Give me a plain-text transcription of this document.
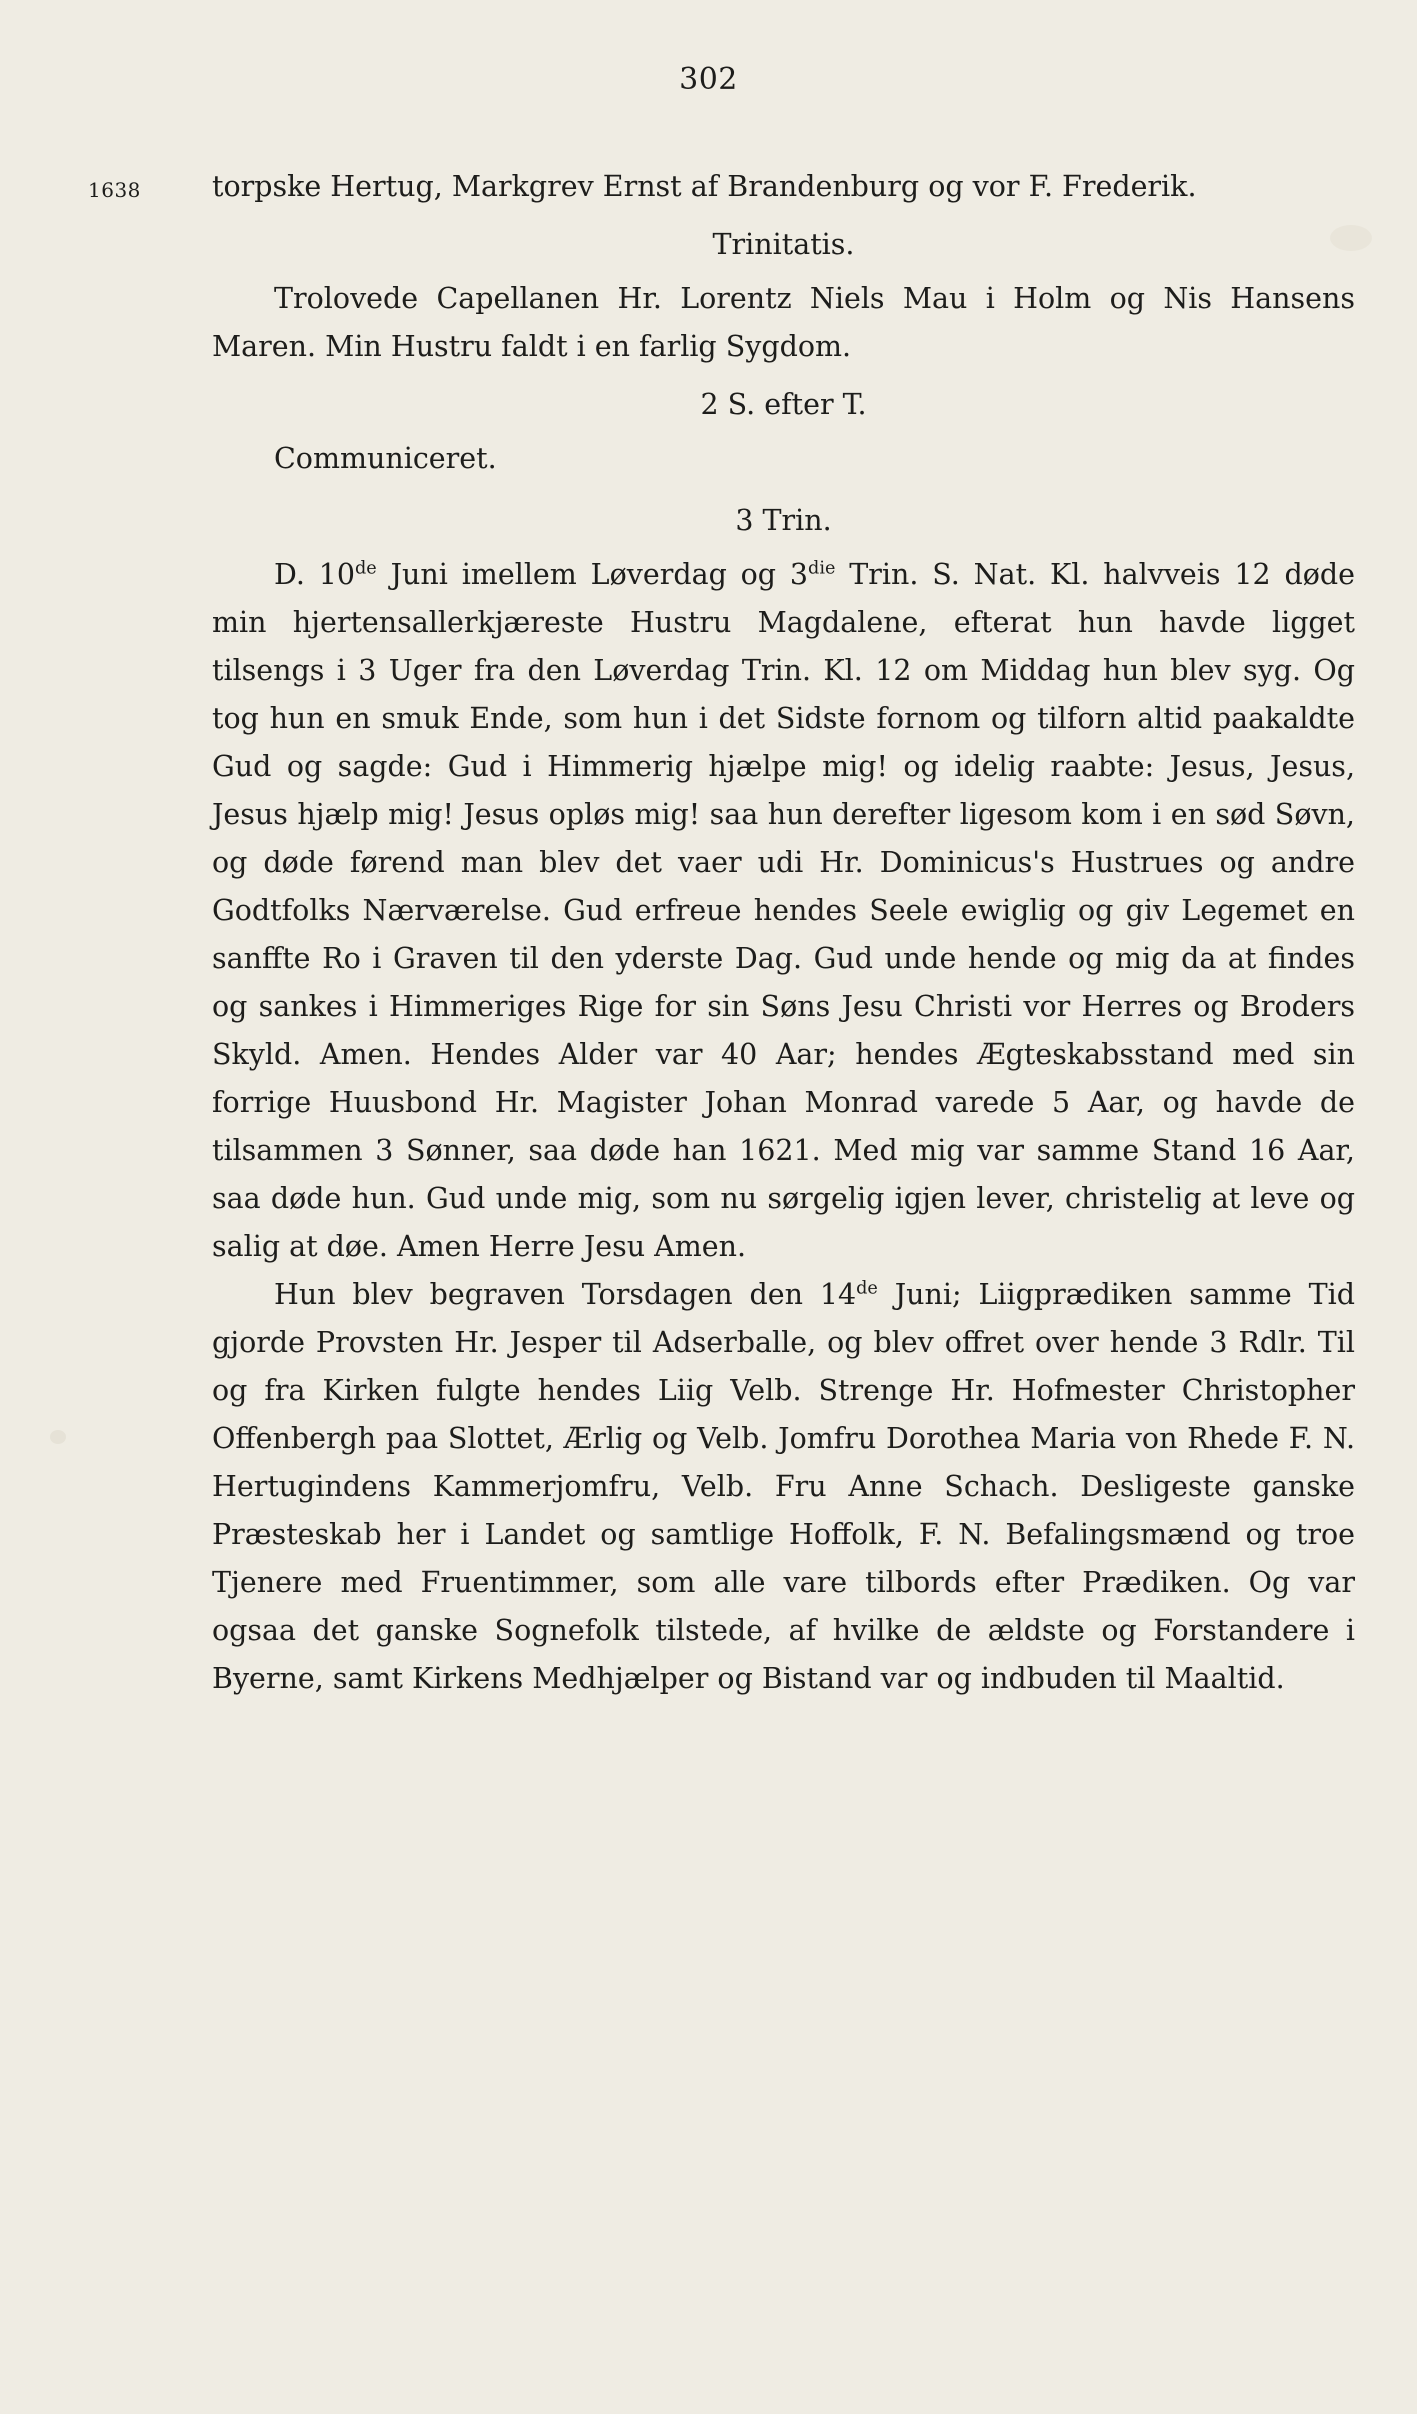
302
1638 torpske Hertug, Markgrev Ernst af Brandenburg og vor F. Frederik.

Trinitatis.

Trolovede Capellanen Hr. Lorentz Niels Mau i Holm og Nis Hansens Maren. Min Hustru faldt i en farlig Sygdom.

2 S. efter T.

Communiceret.

3 Trin.

D. 10de Juni imellem Løverdag og $3^{die}$ Trin. S. Nat. Kl. halvveis 12 døde min hjertensallerkjæreste Hustru Magdalene, efterat hun havde ligget tilsengs i 3 Uger fra den Løverdag Trin. Kl. 12 om Middag hun blev syg. Og tog hun en smuk Ende, som hun i det Sidste fornom og tilforn altid paakaldte Gud og sagde: Gud i Himmerig hjælpe mig! og idelig raabte: Jesus, Jesus, Jesus hjælp mig! Jesus opløs mig! saa hun derefter ligesom kom i en sød Søvn, og døde førend man blev det vaer udi Hr. Dominicus's Hustrues og andre Godtfolks Nærværelse. Gud erfreue hendes Seele ewiglig og giv Legemet en sanffte Ro i Graven til den yderste Dag. Gud unde hende og mig da at findes og sankes i Himmeriges Rige for sin Søns Jesu Christi vor Herres og Broders Skyld. Amen. Hendes Alder var 40 Aar; hendes Ægteskabsstand med sin forrige Huusbond Hr. Magister Johan Monrad varede 5 Aar, og havde de tilsammen 3 Sønner, saa døde han 1621. Med mig var samme Stand 16 Aar, saa døde hun. Gud unde mig, som nu sørgelig igjen lever, christelig at leve og salig at døe. Amen Herre Jesu Amen.

Hun blev begraven Torsdagen den 14de Juni; Liigprædiken samme Tid gjorde Provsten Hr. Jesper til Adserballe, og blev offret over hende 3 Rdlr. Til og fra Kirken fulgte hendes Liig Velb. Strenge Hr. Hofmester Christopher Offenbergh paa Slottet, Ærlig og Velb. Jomfru Dorothea Maria von Rhede F. N. Hertugindens Kammerjomfru, Velb. Fru Anne Schach. Desligeste ganske Præsteskab her i Landet og samtlige Hoffolk, F. N. Befalingsmænd og troe Tjenere med Fruentimmer, som alle vare tilbords efter Prædiken. Og var ogsaa det ganske Sognefolk tilstede, af hvilke de ældste og Forstandere i Byerne, samt Kirkens Medhjælper og Bistand var og indbuden til Maaltid.
